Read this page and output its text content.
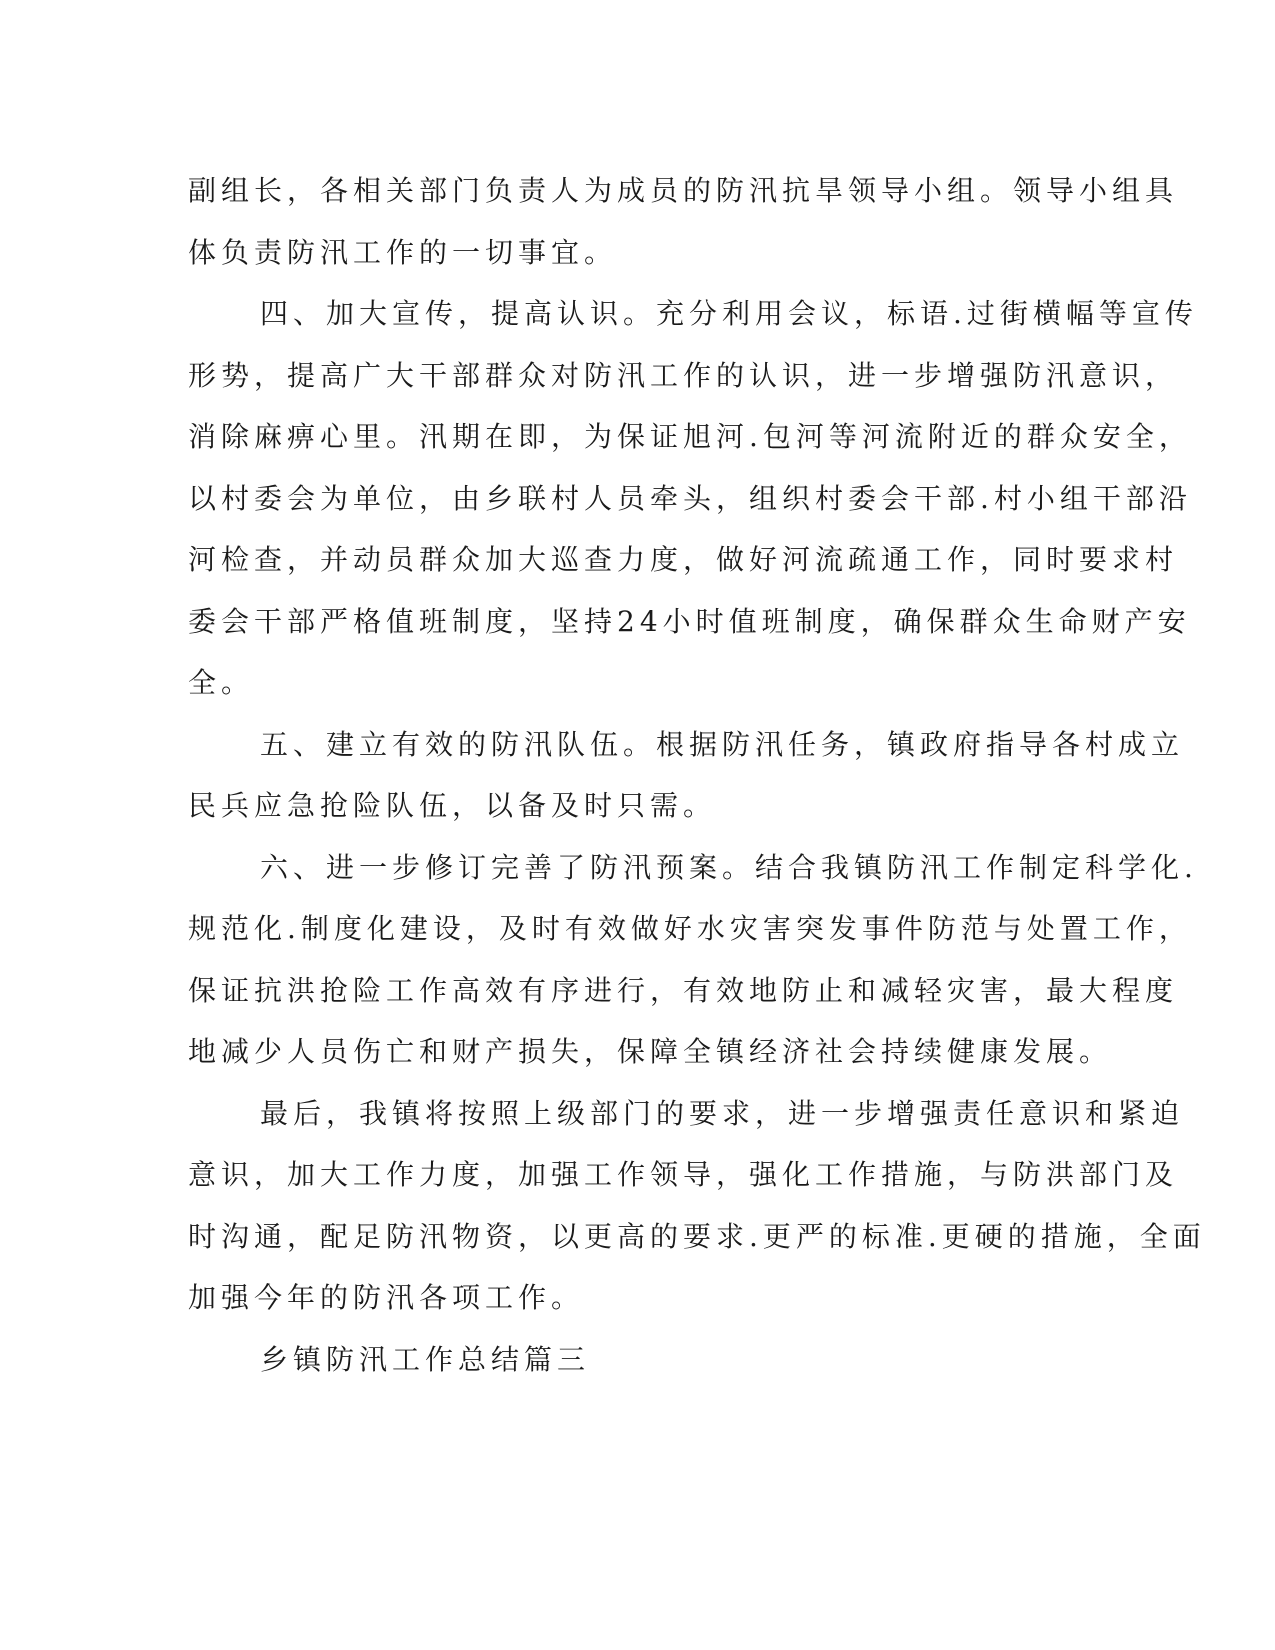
副组长，各相关部门负责人为成员的防汛抗旱领导小组。领导小组具
体负责防汛工作的一切事宜。
四、加大宣传，提高认识。充分利用会议，标语.过街横幅等宣传
形势，提高广大干部群众对防汛工作的认识，进一步增强防汛意识，
消除麻痹心里。汛期在即，为保证旭河.包河等河流附近的群众安全，
以村委会为单位，由乡联村人员牵头，组织村委会干部.村小组干部沿
河检查，并动员群众加大巡查力度，做好河流疏通工作，同时要求村
委会干部严格值班制度，坚持24小时值班制度，确保群众生命财产安
全。
五、建立有效的防汛队伍。根据防汛任务，镇政府指导各村成立
民兵应急抢险队伍，以备及时只需。
六、进一步修订完善了防汛预案。结合我镇防汛工作制定科学化.
规范化.制度化建设，及时有效做好水灾害突发事件防范与处置工作，
保证抗洪抢险工作高效有序进行，有效地防止和减轻灾害，最大程度
地减少人员伤亡和财产损失，保障全镇经济社会持续健康发展。
最后，我镇将按照上级部门的要求，进一步增强责任意识和紧迫
意识，加大工作力度，加强工作领导，强化工作措施，与防洪部门及
时沟通，配足防汛物资，以更高的要求.更严的标准.更硬的措施，全面
加强今年的防汛各项工作。
乡镇防汛工作总结篇三
